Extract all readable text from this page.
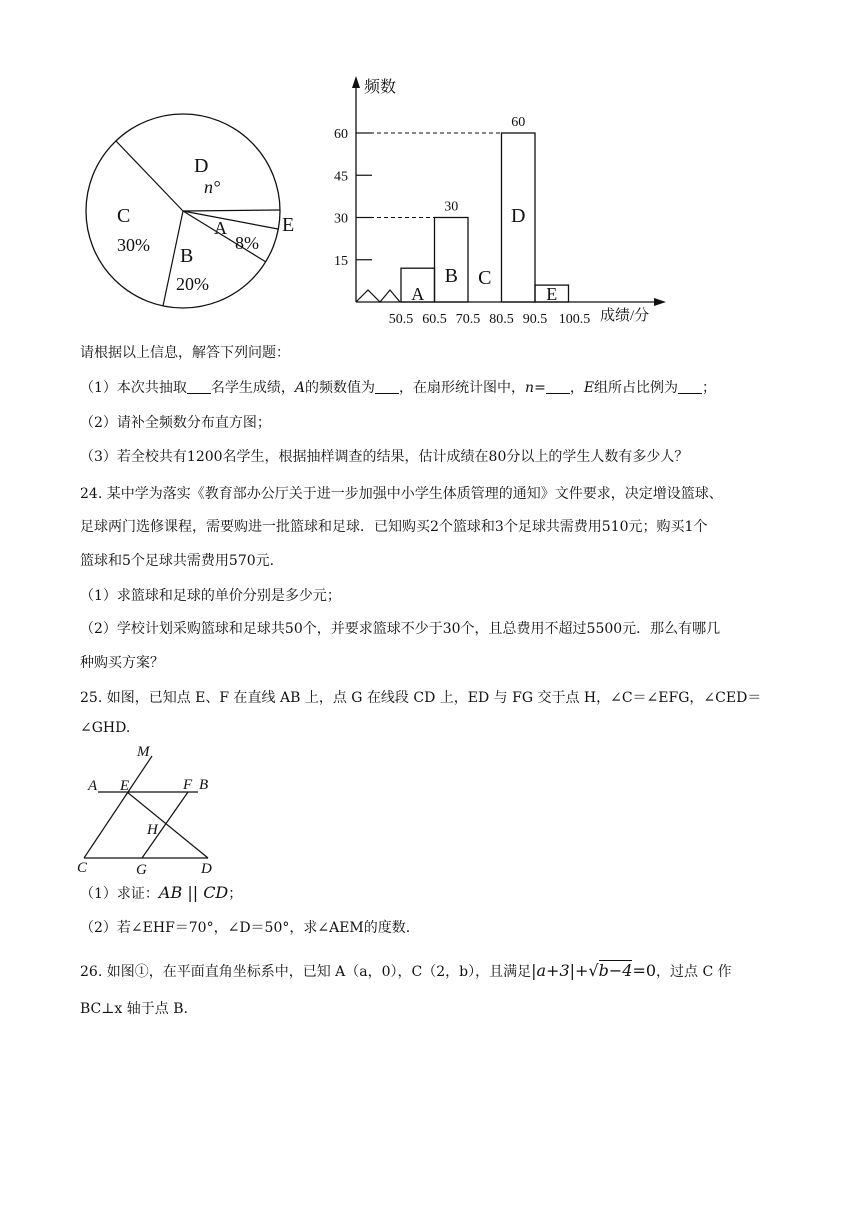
D
n°
C
30% B
20%
A
8%
E
频数
成绩/分
15
30
45
60
A
30
B C
60
D
E
50.5 60.5 70.5 80.5 90.5 100.5
请根据以上信息，解答下列问题：
（1）本次共抽取 名学生成绩，A的频数值为 ，在扇形统计图中，n= ，E组所占比例为 ；
（2）请补全频数分布直方图；
（3）若全校共有1200名学生，根据抽样调查的结果，估计成绩在80分以上的学生人数有多少人？
24. 某中学为落实《教育部办公厅关于进一步加强中小学生体质管理的通知》文件要求，决定增设篮球、
足球两门选修课程，需要购进一批篮球和足球．已知购买2个篮球和3个足球共需费用510元；购买1个
篮球和5个足球共需费用570元.
（1）求篮球和足球的单价分别是多少元；
（2）学校计划采购篮球和足球共50个，并要求篮球不少于30个，且总费用不超过5500元．那么有哪几
种购买方案？
25. 如图，已知点 E、F 在直线 AB 上，点 G 在线段 CD 上，ED 与 FG 交于点 H，∠C＝∠EFG，∠CED＝
∠GHD.
M
A E	F B
H
C	G	D
（1）求证：AB || CD；
（2）若∠EHF＝70°，∠D＝50°，求∠AEM的度数.
26. 如图①，在平面直角坐标系中，已知 A（a，0），C（2，b），且满足|a+3|+√b−4=0，过点 C 作
BC⊥x 轴于点 B.
